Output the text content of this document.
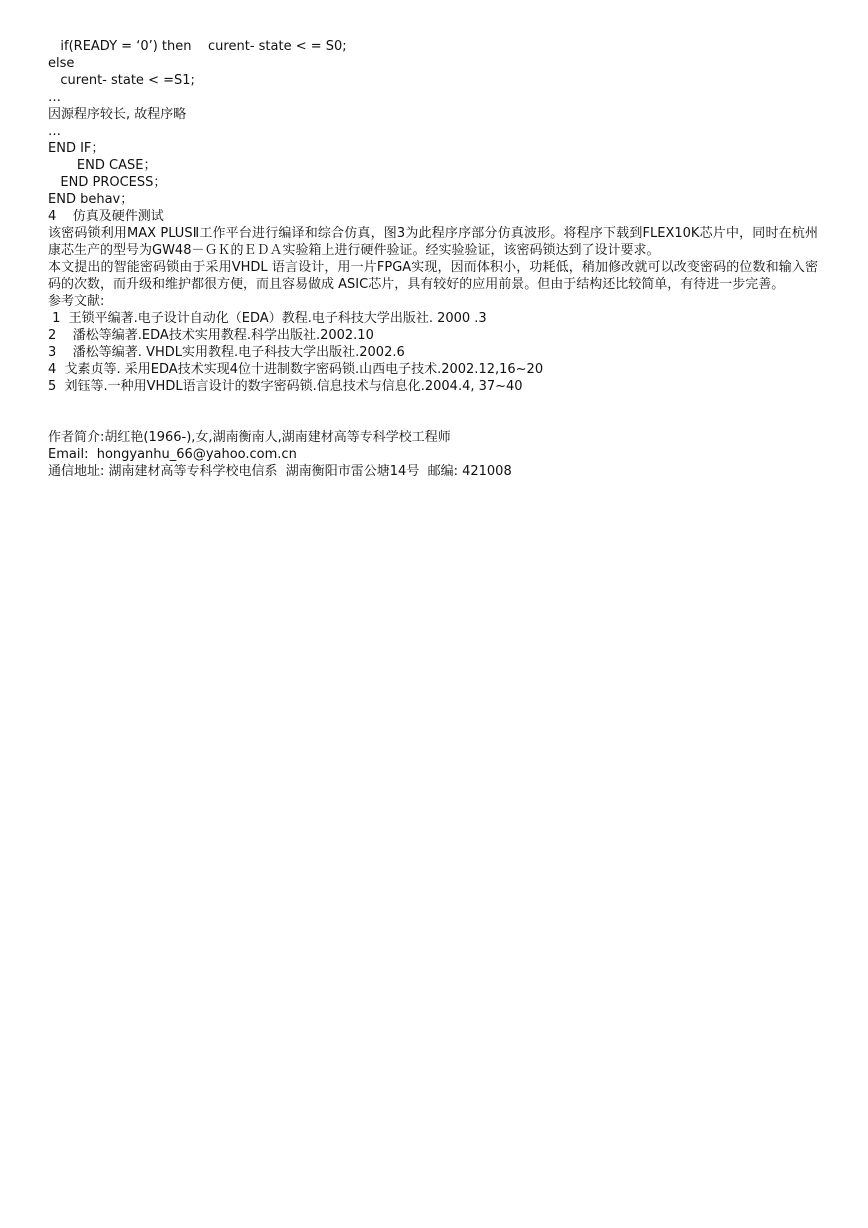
if(READY = ‘0’) then    curent- state < = S0;

else

curent- state < =S1;

…

因源程序较长, 故程序略

…

END IF；

END CASE；

END PROCESS；

END behav；

4    仿真及硬件测试

该密码锁利用MAX PLUSⅡ工作平台进行编译和综合仿真，图3为此程序序部分仿真波形。将程序下载到FLEX10K芯片中，同时在杭州康芯生产的型号为GW48－ＧＫ的ＥＤＡ实验箱上进行硬件验证。经实验验证，该密码锁达到了设计要求。

本文提出的智能密码锁由于采用VHDL 语言设计，用一片FPGA实现，因而体积小，功耗低，稍加修改就可以改变密码的位数和输入密码的次数，而升级和维护都很方便，而且容易做成 ASIC芯片，具有较好的应用前景。但由于结构还比较简单，有待进一步完善。

参考文献:

1  王锁平编著.电子设计自动化（EDA）教程.电子科技大学出版社. 2000 .3

2    潘松等编著.EDA技术实用教程.科学出版社.2002.10

3    潘松等编著. VHDL实用教程.电子科技大学出版社.2002.6

4  戈素贞等. 采用EDA技术实现4位十进制数字密码锁.山西电子技术.2002.12,16~20

5  刘钰等.一种用VHDL语言设计的数字密码锁.信息技术与信息化.2004.4, 37~40

作者简介:胡红艳(1966-),女,湖南衡南人,湖南建材高等专科学校工程师

Email:  hongyanhu_66@yahoo.com.cn

通信地址: 湖南建材高等专科学校电信系  湖南衡阳市雷公塘14号  邮编: 421008
